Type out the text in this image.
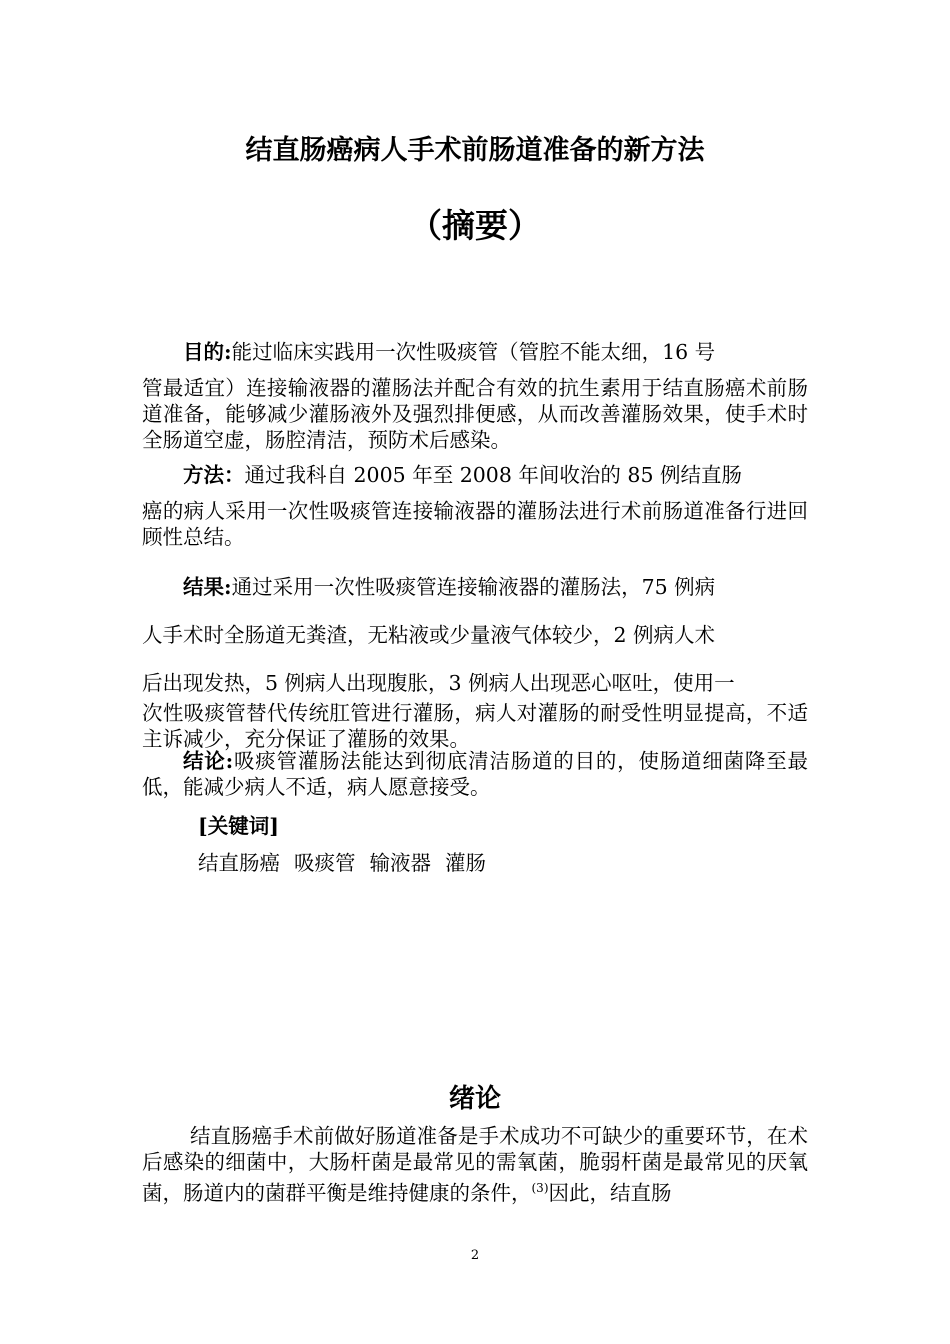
结直肠癌病人手术前肠道准备的新方法
（摘要）
目的:能过临床实践用一次性吸痰管（管腔不能太细，16 号
管最适宜）连接输液器的灌肠法并配合有效的抗生素用于结直肠癌术前肠道准备，能够减少灌肠液外及强烈排便感，从而改善灌肠效果，使手术时全肠道空虚，肠腔清洁，预防术后感染。
方法：通过我科自 2005 年至 2008 年间收治的 85 例结直肠
癌的病人采用一次性吸痰管连接输液器的灌肠法进行术前肠道准备行进回顾性总结。
结果:通过采用一次性吸痰管连接输液器的灌肠法，75 例病
人手术时全肠道无粪渣，无粘液或少量液气体较少，2 例病人术
后出现发热，5 例病人出现腹胀，3 例病人出现恶心呕吐，使用一
次性吸痰管替代传统肛管进行灌肠，病人对灌肠的耐受性明显提高，不适主诉减少，充分保证了灌肠的效果。
结论:吸痰管灌肠法能达到彻底清洁肠道的目的，使肠道细菌降至最低，能减少病人不适，病人愿意接受。
[关键词]
结直肠癌 吸痰管 输液器 灌肠
绪论
结直肠癌手术前做好肠道准备是手术成功不可缺少的重要环节，在术后感染的细菌中，大肠杆菌是最常见的需氧菌，脆弱杆菌是最常见的厌氧菌，肠道内的菌群平衡是维持健康的条件，$^{(3)}$因此，结直肠
2
